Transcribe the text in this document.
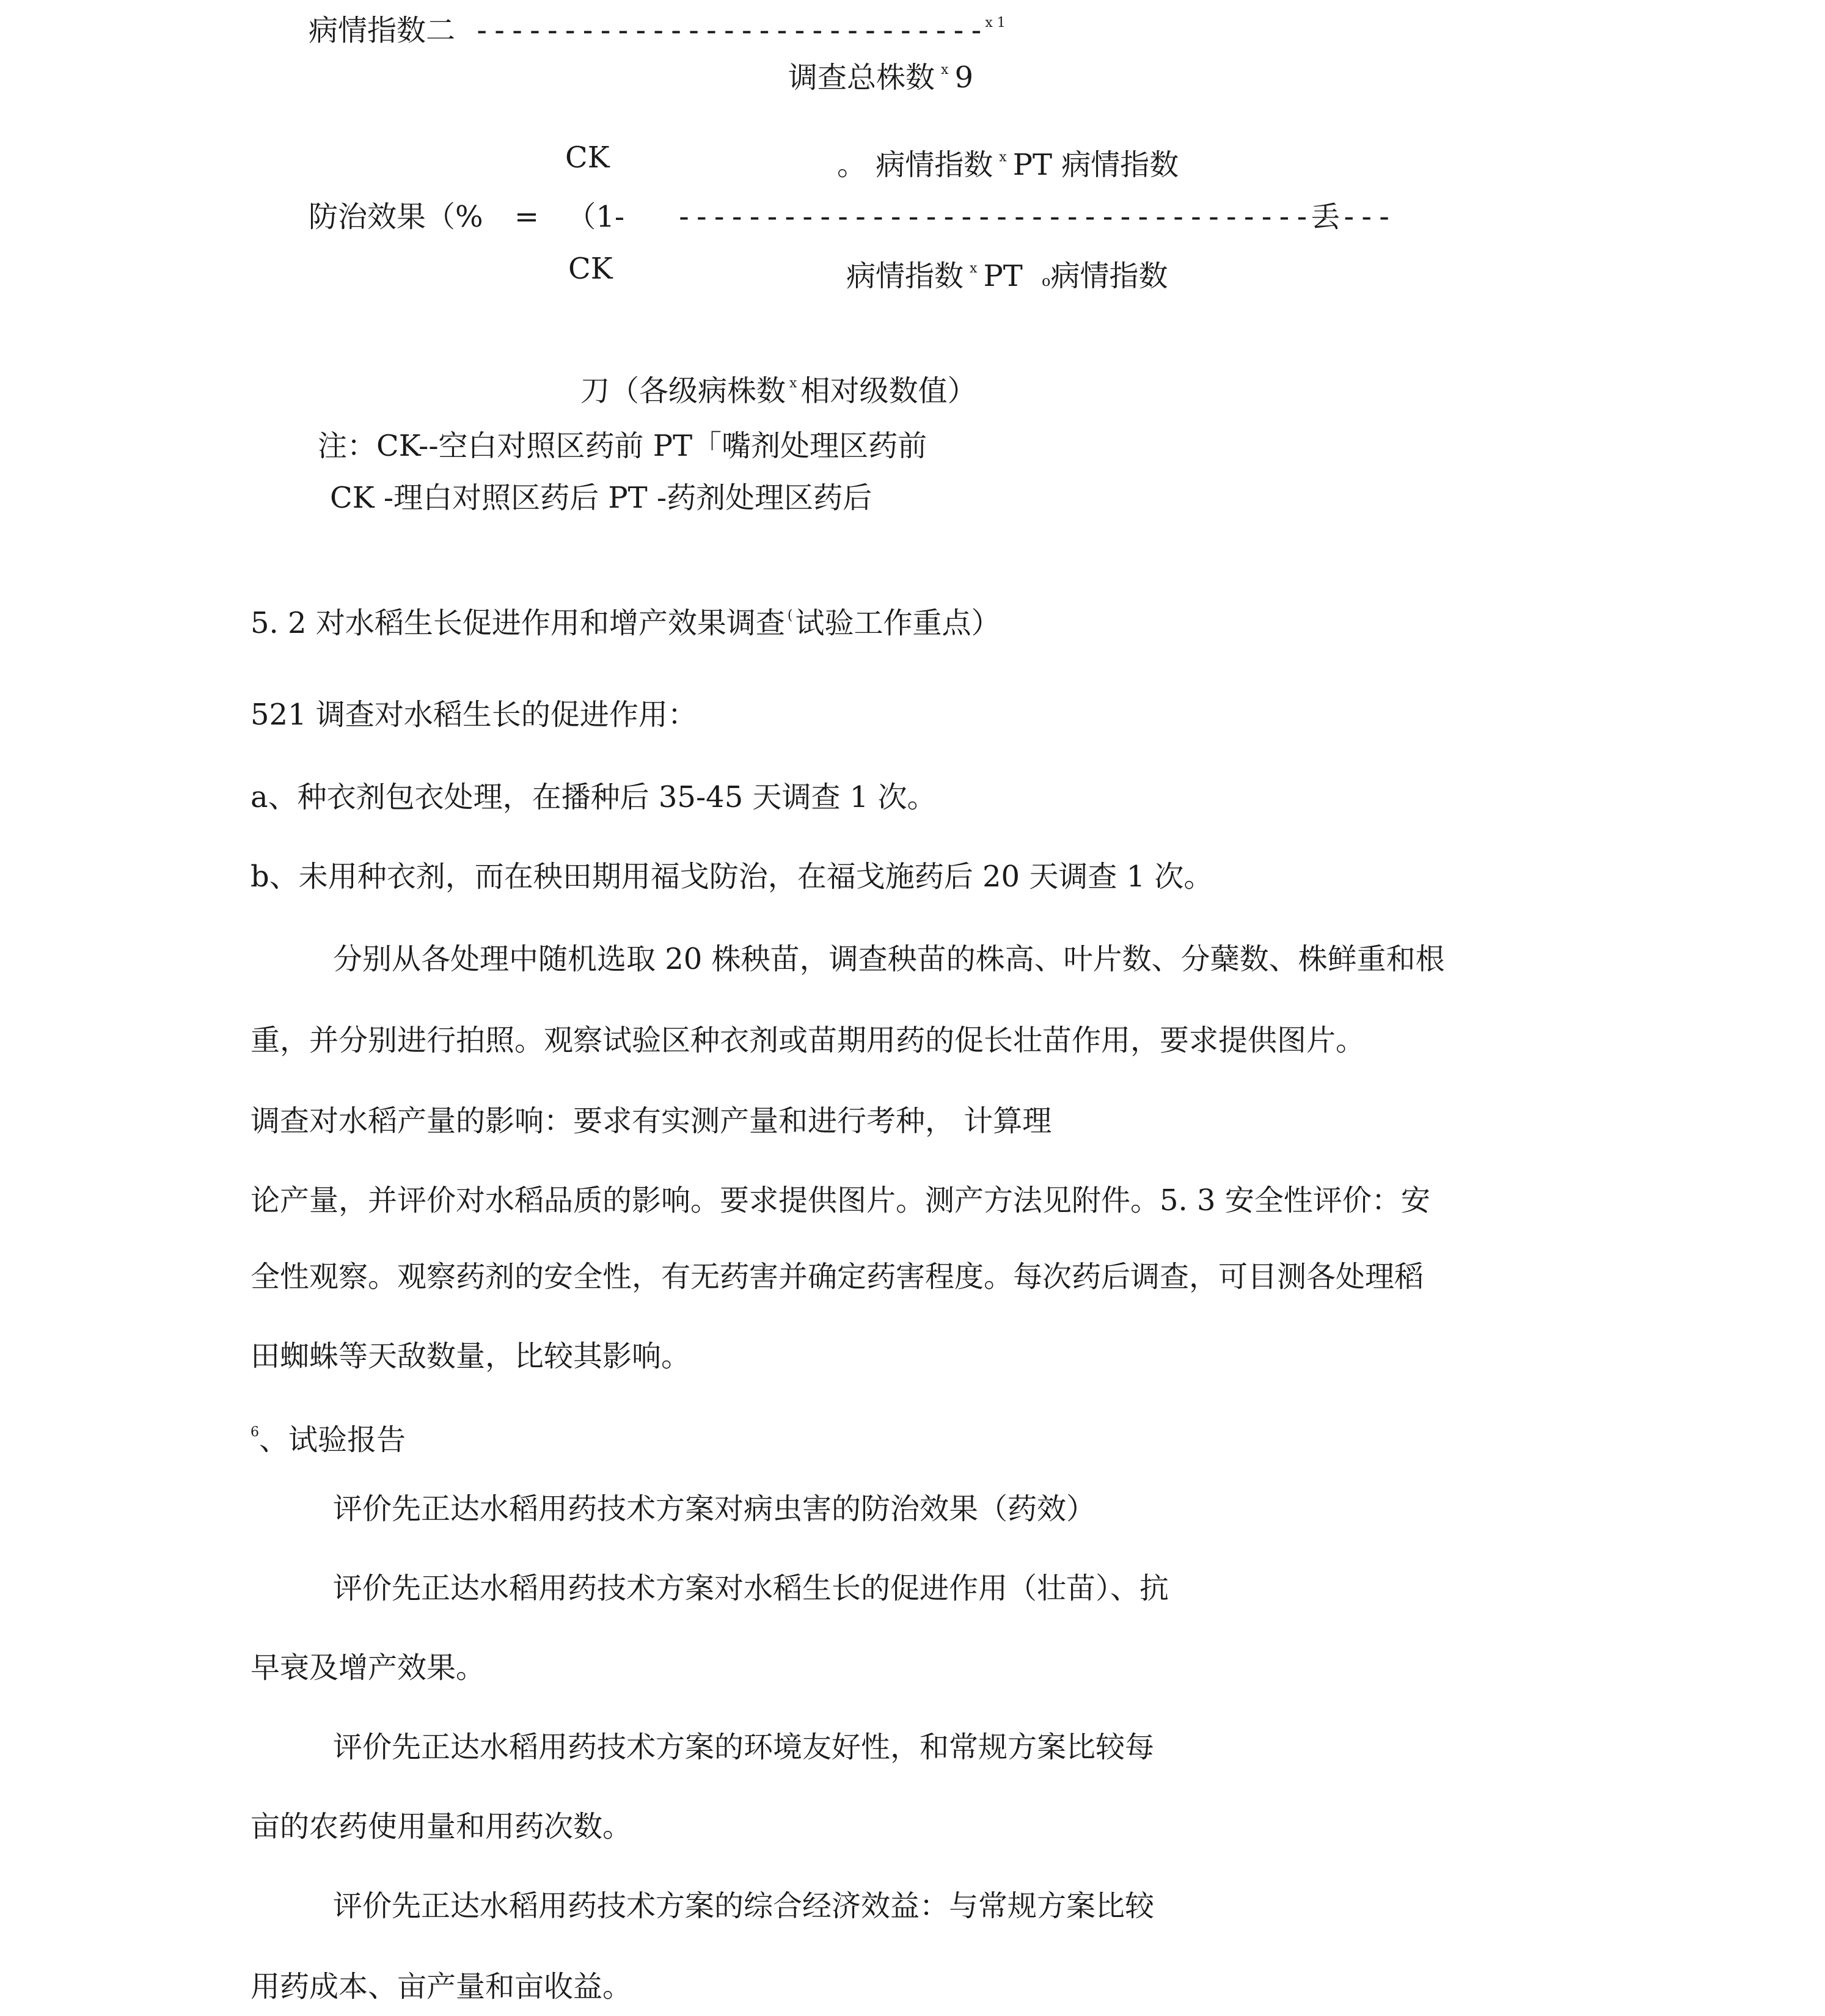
病情指数二 -----------------------------$^{x 1}$
调查总株数 $^x$ 9
CK	。 病情指数 $^x$ PT 病情指数
防治效果（% = （1- ------------------------------------丢---
CK	病情指数 $^x$ PT o病情指数
刀（各级病株数 $^x$ 相对级数值）
注：CK--空白对照区药前 PT「嘴剂处理区药前
CK -理白对照区药后 PT -药剂处理区药后
5. 2 对水稻生长促进作用和增产效果调查 (试验工作重点）
521 调查对水稻生长的促进作用：
a、种衣剂包衣处理，在播种后 35-45 天调查 1 次。
b、未用种衣剂，而在秧田期用福戈防治，在福戈施药后 20 天调查 1 次。
分别从各处理中随机选取 20 株秧苗，调查秧苗的株高、叶片数、分蘖数、株鲜重和根
重，并分别进行拍照。观察试验区种衣剂或苗期用药的促长壮苗作用，要求提供图片。
调查对水稻产量的影响：要求有实测产量和进行考种， 计算理
论产量，并评价对水稻品质的影响。要求提供图片。测产方法见附件。5. 3 安全性评价：安
全性观察。观察药剂的安全性，有无药害并确定药害程度。每次药后调查，可目测各处理稻
田蜘蛛等天敌数量，比较其影响。
$^6$、试验报告
评价先正达水稻用药技术方案对病虫害的防治效果（药效）
评价先正达水稻用药技术方案对水稻生长的促进作用（壮苗）、抗
早衰及增产效果。
评价先正达水稻用药技术方案的环境友好性，和常规方案比较每
亩的农药使用量和用药次数。
评价先正达水稻用药技术方案的综合经济效益：与常规方案比较
用药成本、亩产量和亩收益。
